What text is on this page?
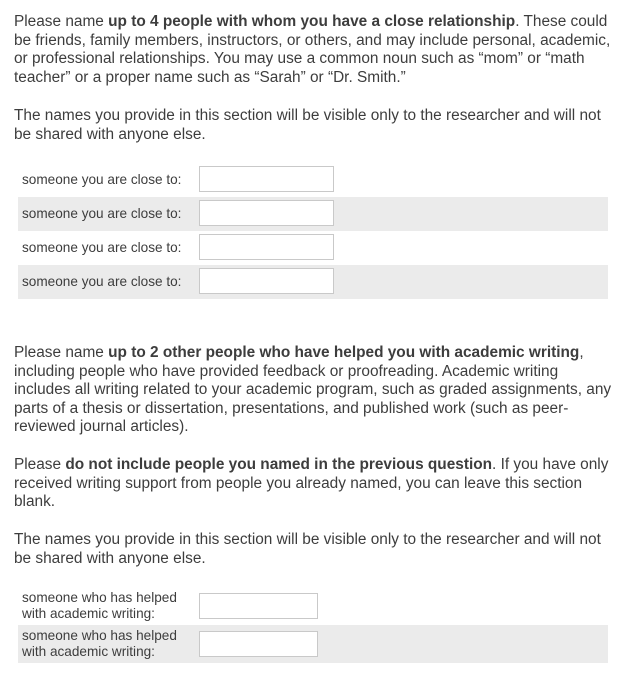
Please name up to 4 people with whom you have a close relationship. These could be friends, family members, instructors, or others, and may include personal, academic, or professional relationships. You may use a common noun such as “mom” or “math teacher” or a proper name such as “Sarah” or “Dr. Smith.”

The names you provide in this section will be visible only to the researcher and will not be shared with anyone else.

someone you are close to:
someone you are close to:
someone you are close to:
someone you are close to:

Please name up to 2 other people who have helped you with academic writing, including people who have provided feedback or proofreading. Academic writing includes all writing related to your academic program, such as graded assignments, any parts of a thesis or dissertation, presentations, and published work (such as peer-reviewed journal articles).

Please do not include people you named in the previous question. If you have only received writing support from people you already named, you can leave this section blank.

The names you provide in this section will be visible only to the researcher and will not be shared with anyone else.

someone who has helped with academic writing:
someone who has helped with academic writing:
